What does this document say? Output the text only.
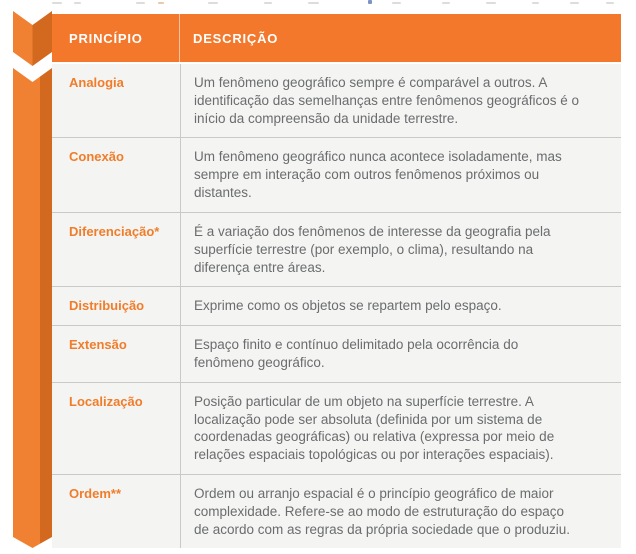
PRINCÍPIO	DESCRIÇÃO
Analogia	Um fenômeno geográfico sempre é comparável a outros. A identificação das semelhanças entre fenômenos geográficos é o início da compreensão da unidade terrestre.
Conexão	Um fenômeno geográfico nunca acontece isoladamente, mas sempre em interação com outros fenômenos próximos ou distantes.
Diferenciação*	É a variação dos fenômenos de interesse da geografia pela superfície terrestre (por exemplo, o clima), resultando na diferença entre áreas.
Distribuição	Exprime como os objetos se repartem pelo espaço.
Extensão	Espaço finito e contínuo delimitado pela ocorrência do fenômeno geográfico.
Localização	Posição particular de um objeto na superfície terrestre. A localização pode ser absoluta (definida por um sistema de coordenadas geográficas) ou relativa (expressa por meio de relações espaciais topológicas ou por interações espaciais).
Ordem**	Ordem ou arranjo espacial é o princípio geográfico de maior complexidade. Refere-se ao modo de estruturação do espaço de acordo com as regras da própria sociedade que o produziu.
